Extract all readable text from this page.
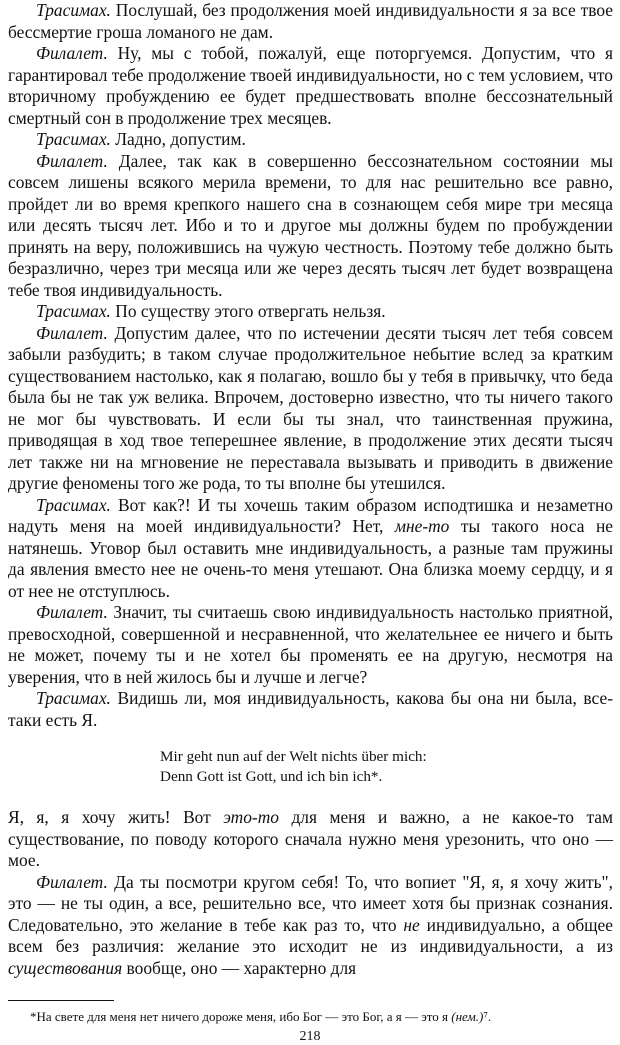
Трасимах. Послушай, без продолжения моей индивидуальности я за все твое бессмертие гроша ломаного не дам.

Филалет. Ну, мы с тобой, пожалуй, еще поторгуемся. Допустим, что я гарантировал тебе продолжение твоей индивидуальности, но с тем условием, что вторичному пробуждению ее будет предшествовать вполне бессознательный смертный сон в продолжение трех месяцев.

Трасимах. Ладно, допустим.

Филалет. Далее, так как в совершенно бессознательном состоянии мы совсем лишены всякого мерила времени, то для нас решительно все равно, пройдет ли во время крепкого нашего сна в сознающем себя мире три месяца или десять тысяч лет. Ибо и то и другое мы должны будем по пробуждении принять на веру, положившись на чужую честность. Поэтому тебе должно быть безразлично, через три месяца или же через десять тысяч лет будет возвращена тебе твоя индивидуальность.

Трасимах. По существу этого отвергать нельзя.

Филалет. Допустим далее, что по истечении десяти тысяч лет тебя совсем забыли разбудить; в таком случае продолжительное небытие вслед за кратким существованием настолько, как я полагаю, вошло бы у тебя в привычку, что беда была бы не так уж велика. Впрочем, достоверно известно, что ты ничего такого не мог бы чувствовать. И если бы ты знал, что таинственная пружина, приводящая в ход твое теперешнее явление, в продолжение этих десяти тысяч лет также ни на мгновение не переставала вызывать и приводить в движение другие феномены того же рода, то ты вполне бы утешился.

Трасимах. Вот как?! И ты хочешь таким образом исподтишка и незаметно надуть меня на моей индивидуальности? Нет, мне-то ты такого носа не натянешь. Уговор был оставить мне индивидуальность, а разные там пружины да явления вместо нее не очень-то меня утешают. Она близка моему сердцу, и я от нее не отступлюсь.

Филалет. Значит, ты считаешь свою индивидуальность настолько приятной, превосходной, совершенной и несравненной, что желательнее ее ничего и быть не может, почему ты и не хотел бы променять ее на другую, несмотря на уверения, что в ней жилось бы и лучше и легче?

Трасимах. Видишь ли, моя индивидуальность, какова бы она ни была, все-таки есть Я.

Mir geht nun auf der Welt nichts über mich:
Denn Gott ist Gott, und ich bin ich*.

Я, я, я хочу жить! Вот это-то для меня и важно, а не какое-то там существование, по поводу которого сначала нужно меня урезонить, что оно — мое.

Филалет. Да ты посмотри кругом себя! То, что вопиет "Я, я, я хочу жить", это — не ты один, а все, решительно все, что имеет хотя бы признак сознания. Следовательно, это желание в тебе как раз то, что не индивидуально, а общее всем без различия: желание это исходит не из индивидуальности, а из существования вообще, оно — характерно для

*На свете для меня нет ничего дороже меня, ибо Бог — это Бог, а я — это я (нем.)⁷.

218
